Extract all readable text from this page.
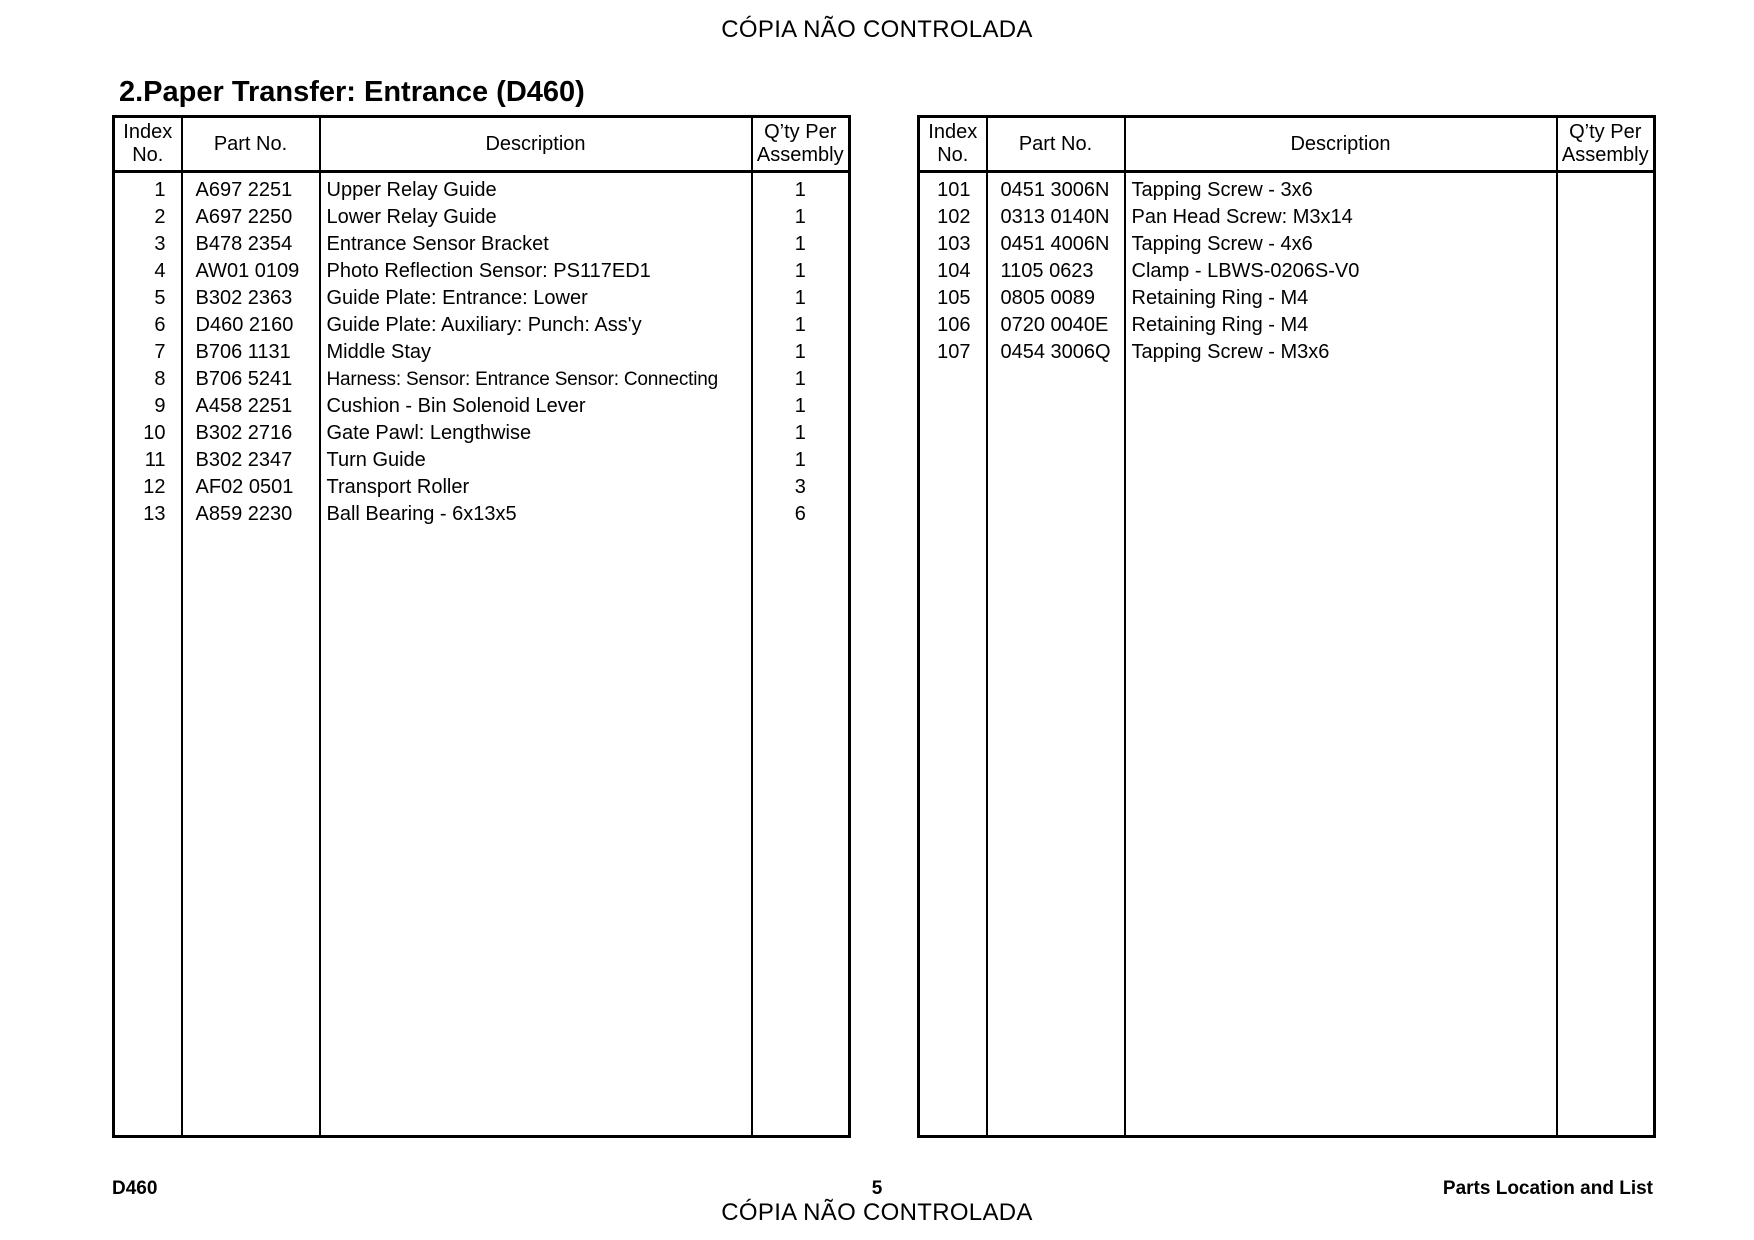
CÓPIA NÃO CONTROLADA
2.Paper Transfer: Entrance (D460)
Index
No.	Part No.	Description	Q’ty Per
Assembly
1	A697 2251	Upper Relay Guide	1
2	A697 2250	Lower Relay Guide	1
3	B478 2354	Entrance Sensor Bracket	1
4	AW01 0109	Photo Reflection Sensor: PS117ED1	1
5	B302 2363	Guide Plate: Entrance: Lower	1
6	D460 2160	Guide Plate: Auxiliary: Punch: Ass'y	1
7	B706 1131	Middle Stay	1
8	B706 5241	Harness: Sensor: Entrance Sensor: Connecting	1
9	A458 2251	Cushion - Bin Solenoid Lever	1
10	B302 2716	Gate Pawl: Lengthwise	1
11	B302 2347	Turn Guide	1
12	AF02 0501	Transport Roller	3
13	A859 2230	Ball Bearing - 6x13x5	6

Index
No.	Part No.	Description	Q’ty Per
Assembly
101	0451 3006N	Tapping Screw - 3x6	
102	0313 0140N	Pan Head Screw: M3x14	
103	0451 4006N	Tapping Screw - 4x6	
104	1105 0623	Clamp - LBWS-0206S-V0	
105	0805 0089	Retaining Ring - M4	
106	0720 0040E	Retaining Ring - M4	
107	0454 3006Q	Tapping Screw - M3x6	

D460	5	Parts Location and List
CÓPIA NÃO CONTROLADA
